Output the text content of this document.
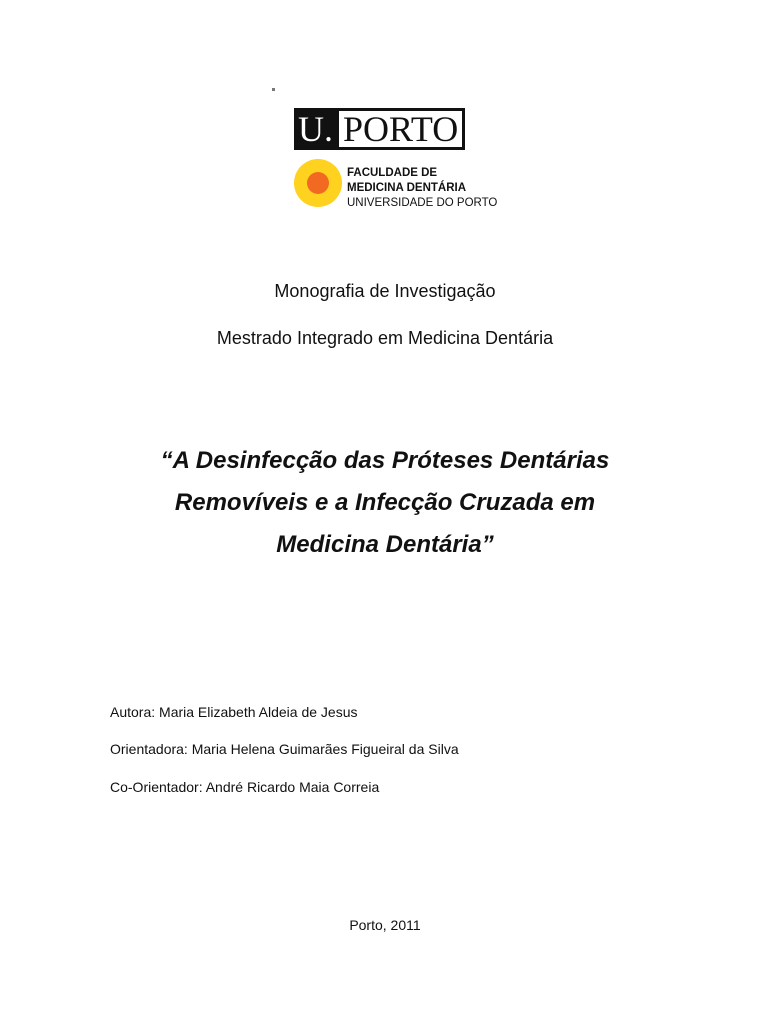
U. PORTO
FACULDADE DE
MEDICINA DENTÁRIA
UNIVERSIDADE DO PORTO
Monografia de Investigação
Mestrado Integrado em Medicina Dentária
“A Desinfecção das Próteses Dentárias
Removíveis e a Infecção Cruzada em
Medicina Dentária”
Autora: Maria Elizabeth Aldeia de Jesus
Orientadora: Maria Helena Guimarães Figueiral da Silva
Co-Orientador: André Ricardo Maia Correia
Porto, 2011
